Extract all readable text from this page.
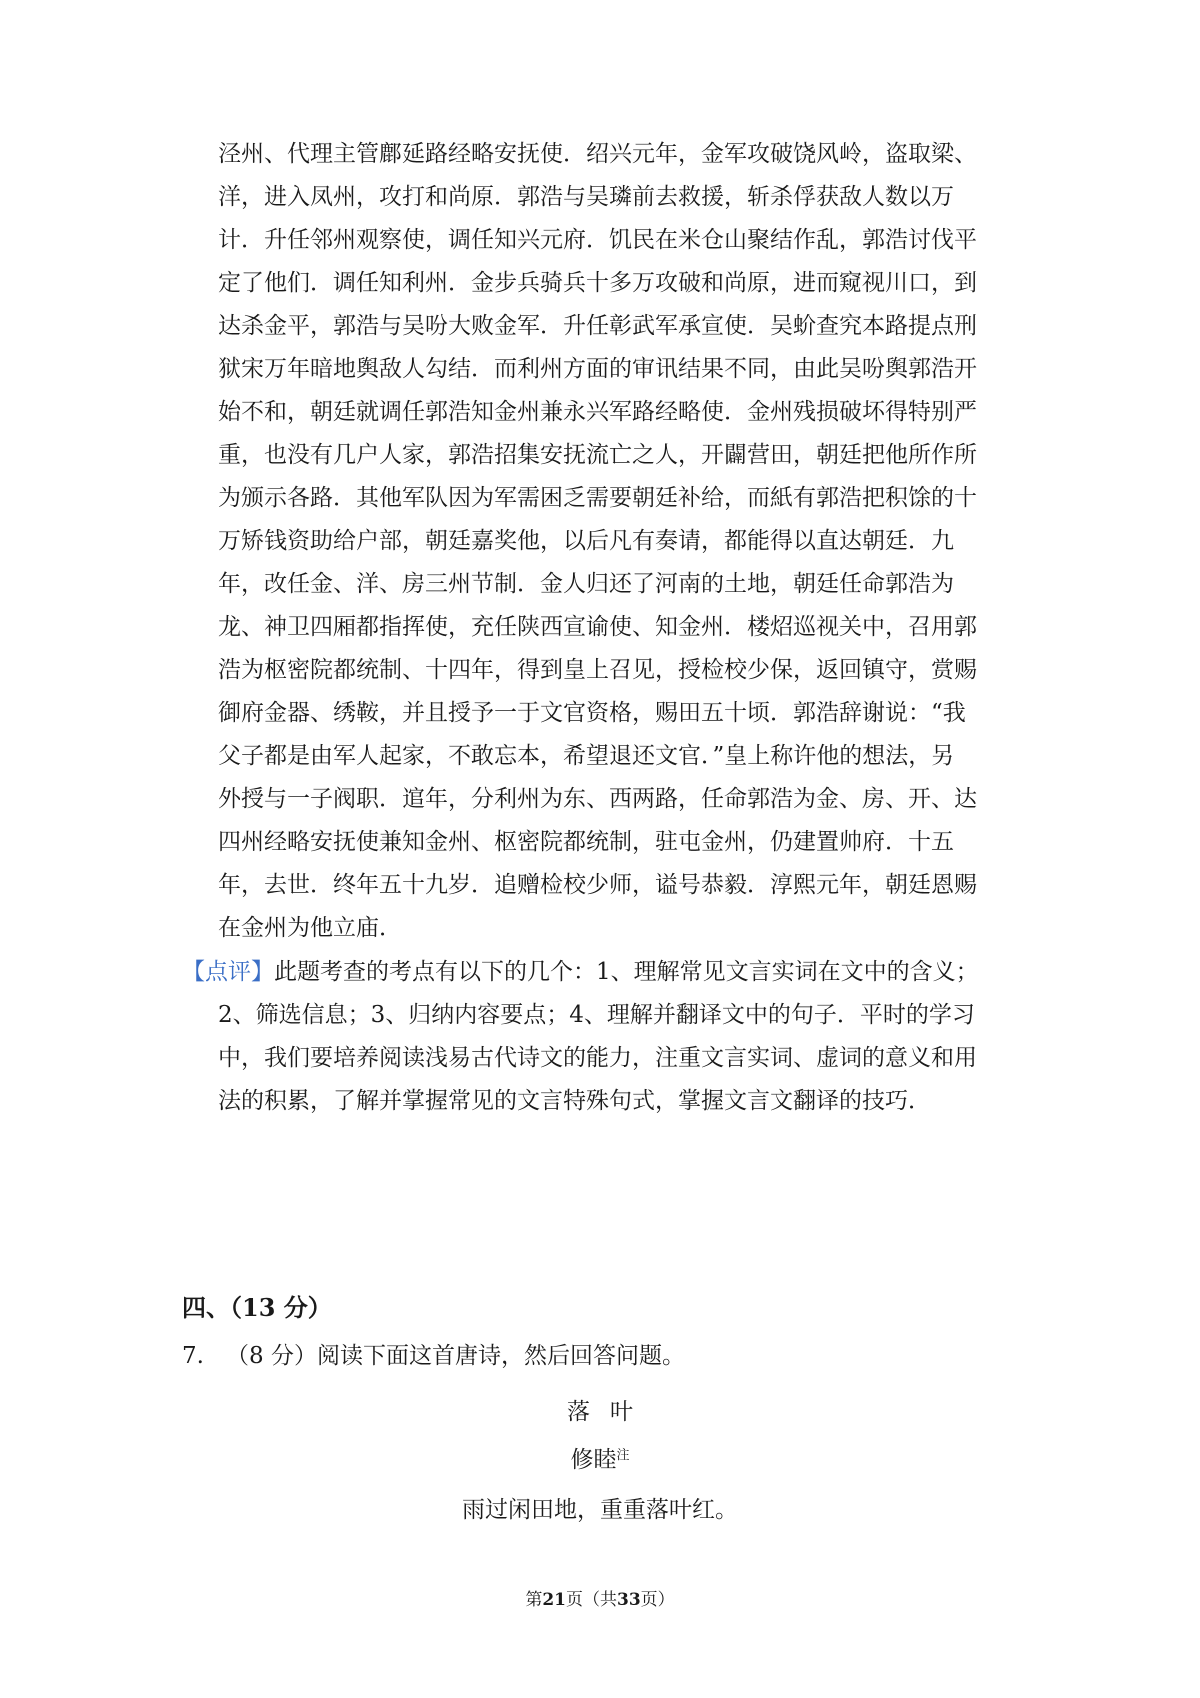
泾州、代理主管鄜延路经略安抚使．绍兴元年，金军攻破饶风岭，盗取梁、
洋，进入凤州，攻打和尚原．郭浩与吴璘前去救援，斩杀俘获敌人数以万
计．升任邻州观察使，调任知兴元府．饥民在米仓山聚结作乱，郭浩讨伐平
定了他们．调任知利州．金步兵骑兵十多万攻破和尚原，进而窥视川口，到
达杀金平，郭浩与吴吩大败金军．升任彰武军承宣使．吴蚧查究本路提点刑
狱宋万年暗地舆敌人勾结．而利州方面的审讯结果不同，由此吴吩舆郭浩开
始不和，朝廷就调任郭浩知金州兼永兴军路经略使．金州残损破坏得特别严
重，也没有几户人家，郭浩招集安抚流亡之人，开闢营田，朝廷把他所作所
为颁示各路．其他军队因为军需困乏需要朝廷补给，而紙有郭浩把积馀的十
万矫钱资助给户部，朝廷嘉奖他，以后凡有奏请，都能得以直达朝廷．九
年，改任金、洋、房三州节制．金人归还了河南的土地，朝廷任命郭浩为
龙、神卫四厢都指挥使，充任陕西宣谕使、知金州．楼炤巡视关中，召用郭
浩为枢密院都统制、十四年，得到皇上召见，授检校少保，返回镇守，赏赐
御府金器、绣鞍，并且授予一于文官资格，赐田五十顷．郭浩辞谢说：“我
父子都是由军人起家，不敢忘本，希望退还文官．”皇上称许他的想法，另
外授与一子阀职．逭年，分利州为东、西两路，任命郭浩为金、房、开、达
四州经略安抚使兼知金州、枢密院都统制，驻屯金州，仍建置帅府．十五
年，去世．终年五十九岁．追赠检校少师，谥号恭毅．淳熙元年，朝廷恩赐
在金州为他立庙．
【点评】此题考查的考点有以下的几个：1、理解常见文言实词在文中的含义；
2、筛选信息；3、归纳内容要点；4、理解并翻译文中的句子．平时的学习
中，我们要培养阅读浅易古代诗文的能力，注重文言实词、虚词的意义和用
法的积累，了解并掌握常见的文言特殊句式，掌握文言文翻译的技巧．
四、（13 分）
7. （8 分）阅读下面这首唐诗，然后回答问题。
落叶
修睦$^注$
雨过闲田地，重重落叶红。
第21页（共33页）
